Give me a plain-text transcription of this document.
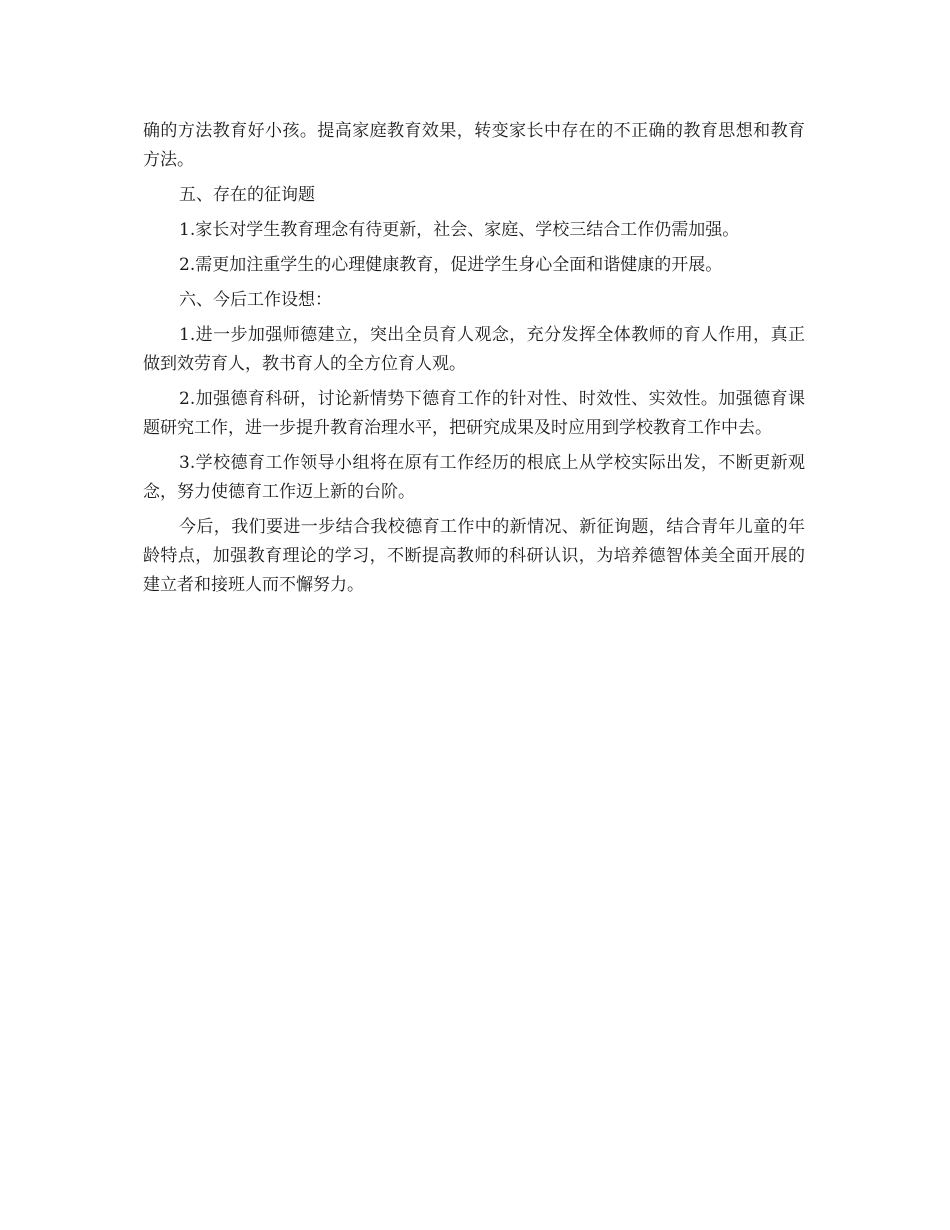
确的方法教育好小孩。提高家庭教育效果，转变家长中存在的不正确的教育思想和教育方法。

五、存在的征询题

1.家长对学生教育理念有待更新，社会、家庭、学校三结合工作仍需加强。

2.需更加注重学生的心理健康教育，促进学生身心全面和谐健康的开展。

六、今后工作设想：

1.进一步加强师德建立，突出全员育人观念，充分发挥全体教师的育人作用，真正做到效劳育人，教书育人的全方位育人观。

2.加强德育科研，讨论新情势下德育工作的针对性、时效性、实效性。加强德育课题研究工作，进一步提升教育治理水平，把研究成果及时应用到学校教育工作中去。

3.学校德育工作领导小组将在原有工作经历的根底上从学校实际出发，不断更新观念，努力使德育工作迈上新的台阶。

今后，我们要进一步结合我校德育工作中的新情况、新征询题，结合青年儿童的年龄特点，加强教育理论的学习，不断提高教师的科研认识，为培养德智体美全面开展的建立者和接班人而不懈努力。
